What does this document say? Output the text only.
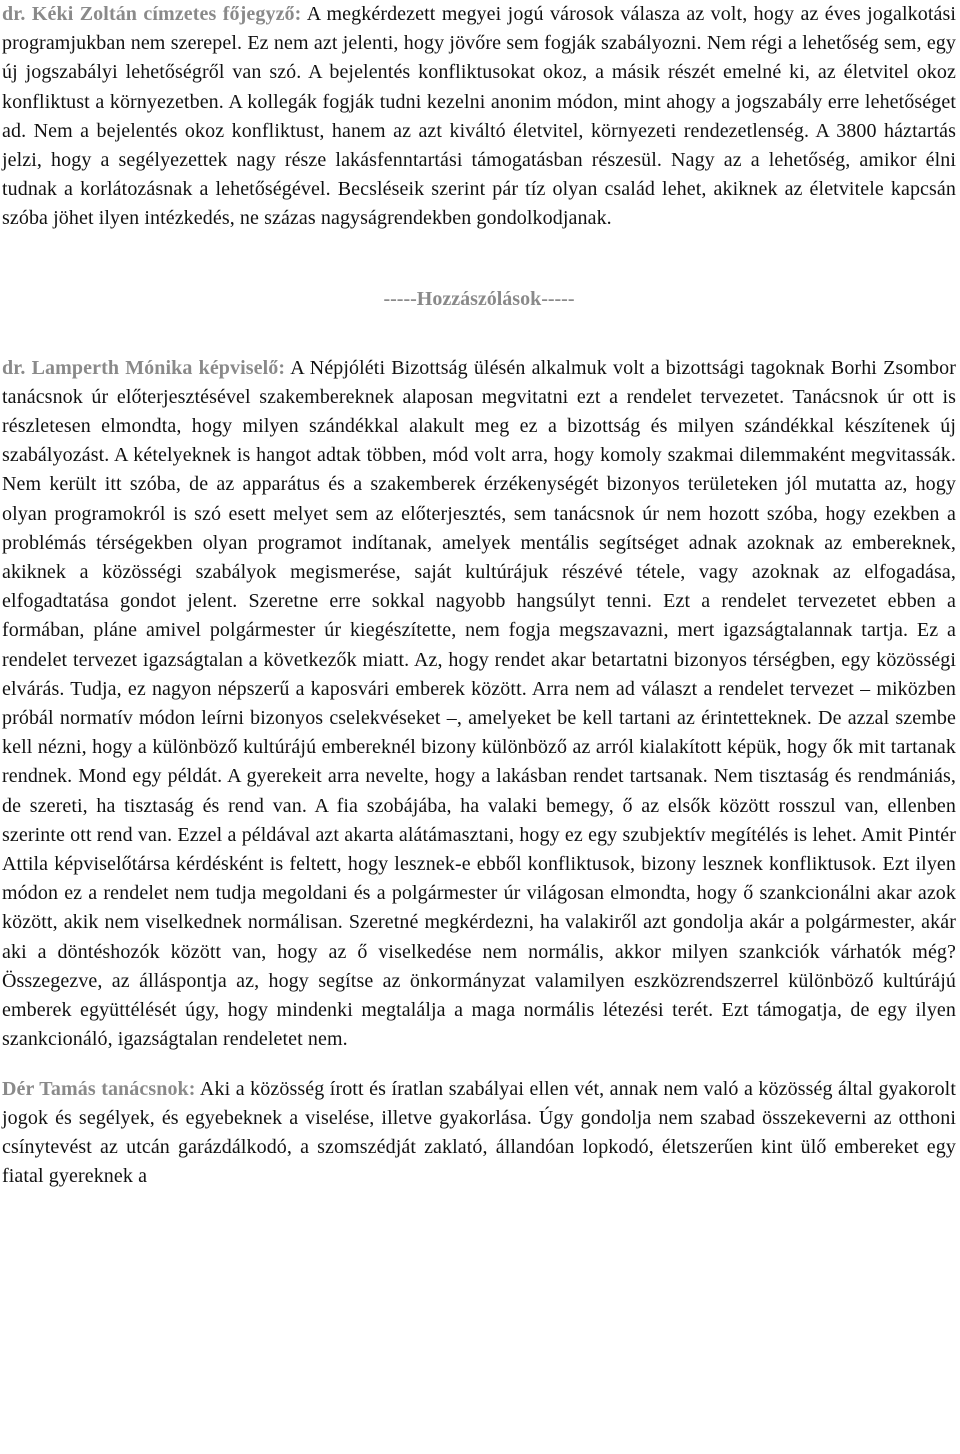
dr. Kéki Zoltán címzetes főjegyző: A megkérdezett megyei jogú városok válasza az volt, hogy az éves jogalkotási programjukban nem szerepel. Ez nem azt jelenti, hogy jövőre sem fogják szabályozni. Nem régi a lehetőség sem, egy új jogszabályi lehetőségről van szó. A bejelentés konfliktusokat okoz, a másik részét emelné ki, az életvitel okoz konfliktust a környezetben. A kollegák fogják tudni kezelni anonim módon, mint ahogy a jogszabály erre lehetőséget ad. Nem a bejelentés okoz konfliktust, hanem az azt kiváltó életvitel, környezeti rendezetlenség. A 3800 háztartás jelzi, hogy a segélyezettek nagy része lakásfenntartási támogatásban részesül. Nagy az a lehetőség, amikor élni tudnak a korlátozásnak a lehetőségével. Becsléseik szerint pár tíz olyan család lehet, akiknek az életvitele kapcsán szóba jöhet ilyen intézkedés, ne százas nagyságrendekben gondolkodjanak.

-----Hozzászólások-----

dr. Lamperth Mónika képviselő: A Népjóléti Bizottság ülésén alkalmuk volt a bizottsági tagoknak Borhi Zsombor tanácsnok úr előterjesztésével szakembereknek alaposan megvitatni ezt a rendelet tervezetet. Tanácsnok úr ott is részletesen elmondta, hogy milyen szándékkal alakult meg ez a bizottság és milyen szándékkal készítenek új szabályozást. A kételyeknek is hangot adtak többen, mód volt arra, hogy komoly szakmai dilemmaként megvitassák. Nem került itt szóba, de az apparátus és a szakemberek érzékenységét bizonyos területeken jól mutatta az, hogy olyan programokról is szó esett melyet sem az előterjesztés, sem tanácsnok úr nem hozott szóba, hogy ezekben a problémás térségekben olyan programot indítanak, amelyek mentális segítséget adnak azoknak az embereknek, akiknek a közösségi szabályok megismerése, saját kultúrájuk részévé tétele, vagy azoknak az elfogadása, elfogadtatása gondot jelent. Szeretne erre sokkal nagyobb hangsúlyt tenni. Ezt a rendelet tervezetet ebben a formában, pláne amivel polgármester úr kiegészítette, nem fogja megszavazni, mert igazságtalannak tartja. Ez a rendelet tervezet igazságtalan a következők miatt. Az, hogy rendet akar betartatni bizonyos térségben, egy közösségi elvárás. Tudja, ez nagyon népszerű a kaposvári emberek között. Arra nem ad választ a rendelet tervezet – miközben próbál normatív módon leírni bizonyos cselekvéseket –, amelyeket be kell tartani az érintetteknek. De azzal szembe kell nézni, hogy a különböző kultúrájú embereknél bizony különböző az arról kialakított képük, hogy ők mit tartanak rendnek. Mond egy példát. A gyerekeit arra nevelte, hogy a lakásban rendet tartsanak. Nem tisztaság és rendmániás, de szereti, ha tisztaság és rend van. A fia szobájába, ha valaki bemegy, ő az elsők között rosszul van, ellenben szerinte ott rend van. Ezzel a példával azt akarta alátámasztani, hogy ez egy szubjektív megítélés is lehet. Amit Pintér Attila képviselőtársa kérdésként is feltett, hogy lesznek-e ebből konfliktusok, bizony lesznek konfliktusok. Ezt ilyen módon ez a rendelet nem tudja megoldani és a polgármester úr világosan elmondta, hogy ő szankcionálni akar azok között, akik nem viselkednek normálisan. Szeretné megkérdezni, ha valakiről azt gondolja akár a polgármester, akár aki a döntéshozók között van, hogy az ő viselkedése nem normális, akkor milyen szankciók várhatók még? Összegezve, az álláspontja az, hogy segítse az önkormányzat valamilyen eszközrendszerrel különböző kultúrájú emberek együttélését úgy, hogy mindenki megtalálja a maga normális létezési terét. Ezt támogatja, de egy ilyen szankcionáló, igazságtalan rendeletet nem.

Dér Tamás tanácsnok: Aki a közösség írott és íratlan szabályai ellen vét, annak nem való a közösség által gyakorolt jogok és segélyek, és egyebeknek a viselése, illetve gyakorlása. Úgy gondolja nem szabad összekeverni az otthoni csínytevést az utcán garázdálkodó, a szomszédját zaklató, állandóan lopkodó, életszerűen kint ülő embereket egy fiatal gyereknek a
